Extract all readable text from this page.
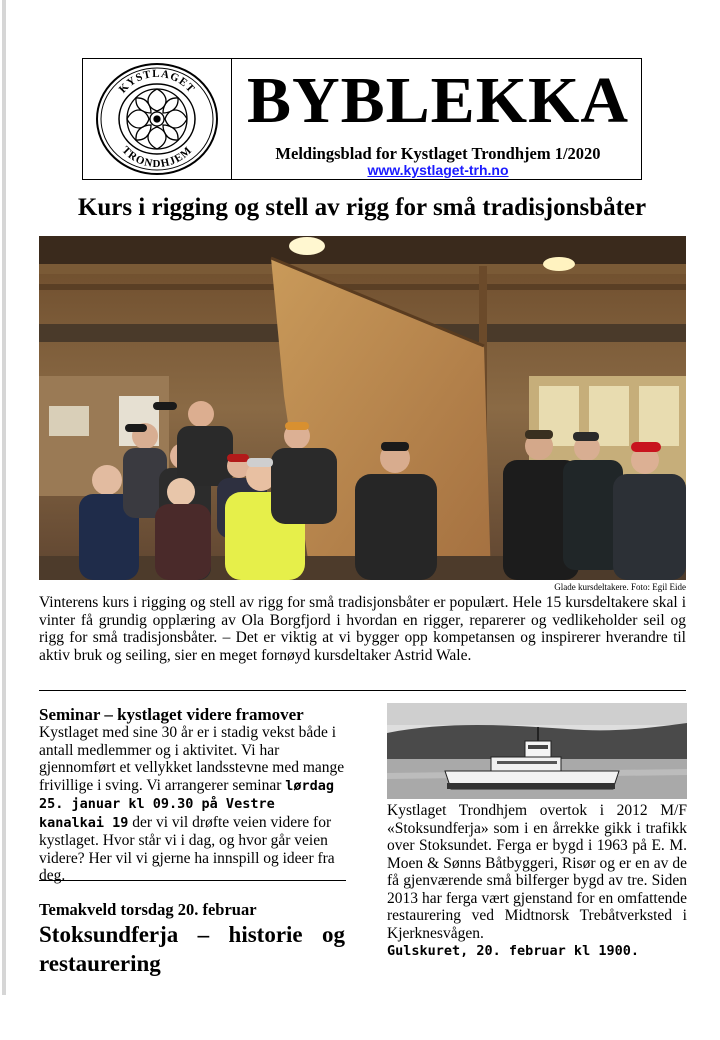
KYSTLAGET
TRONDHJEM
BYBLEKKA
Meldingsblad for Kystlaget Trondhjem 1/2020
www.kystlaget-trh.no
Kurs i rigging og stell av rigg for små tradisjonsbåter
Glade kursdeltakere. Foto: Egil Eide
Vinterens kurs i rigging og stell av rigg for små tradisjonsbåter er populært. Hele 15 kursdeltakere skal i vinter få grundig opplæring av Ola Borgfjord i hvordan en rigger, reparerer og vedlikeholder seil og rigg for små tradisjonsbåter. – Det er viktig at vi bygger opp kompetansen og inspirerer hverandre til aktiv bruk og seiling, sier en meget fornøyd kursdeltaker Astrid Wale.
Seminar – kystlaget videre framover
Kystlaget med sine 30 år er i stadig vekst både i antall medlemmer og i aktivitet. Vi har gjennomført et vellykket landsstevne med mange frivillige i sving. Vi arrangerer seminar lørdag 25. januar kl 09.30 på Vestre kanalkai 19 der vi vil drøfte veien videre for kystlaget. Hvor står vi i dag, og hvor går veien videre? Her vil vi gjerne ha innspill og ideer fra deg.
Temakveld torsdag 20. februar
Stoksundferja – historie og restaurering
Kystlaget Trondhjem overtok i 2012 M/F «Stoksundferja» som i en årrekke gikk i trafikk over Stoksundet. Ferga er bygd i 1963 på E. M. Moen & Sønns Båtbyggeri, Risør og er en av de få gjenværende små bilferger bygd av tre. Siden 2013 har ferga vært gjenstand for en omfattende restaurering ved Midtnorsk Trebåtverksted i Kjerknesvågen.
Gulskuret, 20. februar kl 1900.
